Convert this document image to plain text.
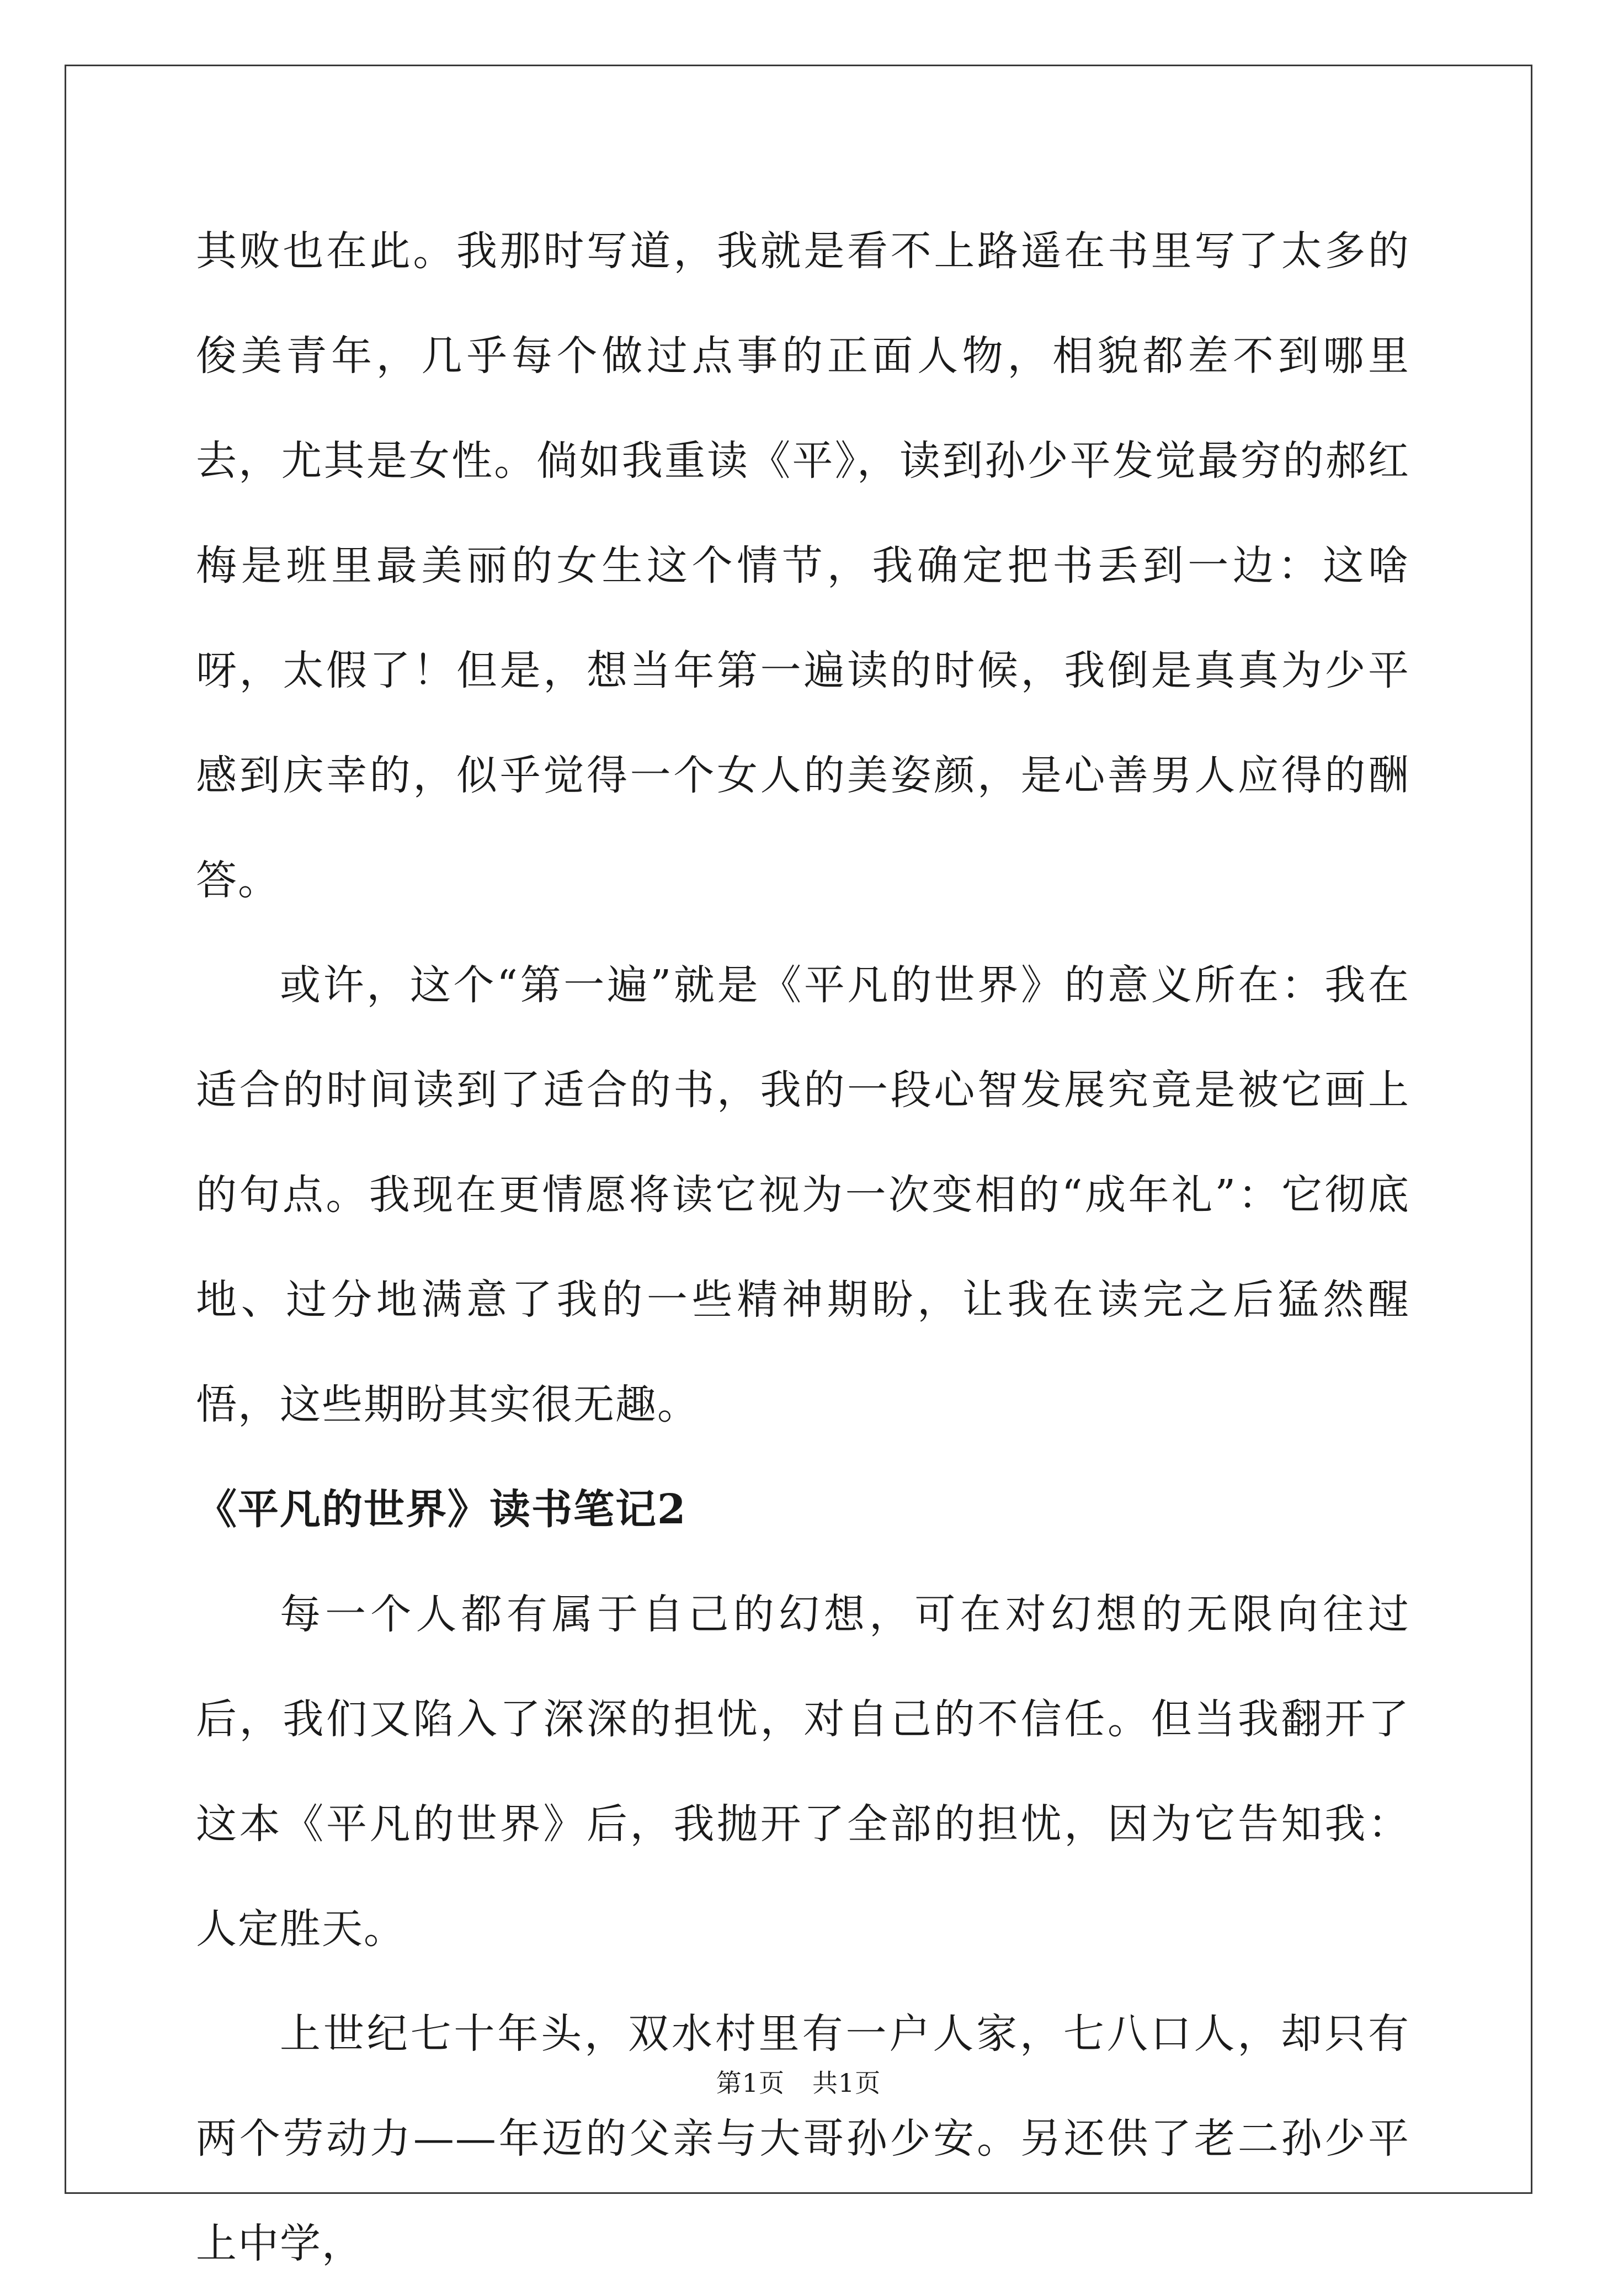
其败也在此。我那时写道，我就是看不上路遥在书里写了太多的俊美青年，几乎每个做过点事的正面人物，相貌都差不到哪里去，尤其是女性。倘如我重读《平》，读到孙少平发觉最穷的郝红梅是班里最美丽的女生这个情节，我确定把书丢到一边：这啥呀，太假了！但是，想当年第一遍读的时候，我倒是真真为少平感到庆幸的，似乎觉得一个女人的美姿颜，是心善男人应得的酬答。

或许，这个“第一遍”就是《平凡的世界》的意义所在：我在适合的时间读到了适合的书，我的一段心智发展究竟是被它画上的句点。我现在更情愿将读它视为一次变相的“成年礼”：它彻底地、过分地满意了我的一些精神期盼，让我在读完之后猛然醒悟，这些期盼其实很无趣。

《平凡的世界》读书笔记2

每一个人都有属于自己的幻想，可在对幻想的无限向往过后，我们又陷入了深深的担忧，对自己的不信任。但当我翻开了这本《平凡的世界》后，我抛开了全部的担忧，因为它告知我：人定胜天。

上世纪七十年头，双水村里有一户人家，七八口人，却只有两个劳动力——年迈的父亲与大哥孙少安。另还供了老二孙少平上中学，

第1页 共1页
